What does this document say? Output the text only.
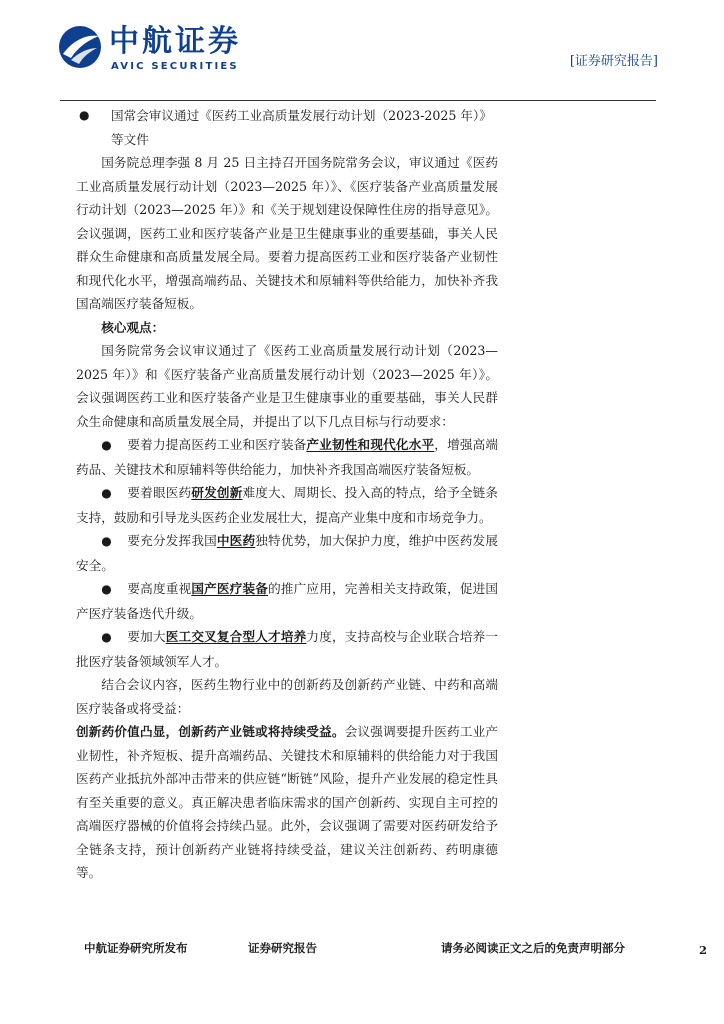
中航证券
AVIC SECURITIES	[证券研究报告]

●	国常会审议通过《医药工业高质量发展行动计划（2023-2025 年）》
等文件

国务院总理李强 8 月 25 日主持召开国务院常务会议，审议通过《医药工业高质量发展行动计划（2023—2025 年）》、《医疗装备产业高质量发展行动计划（2023—2025 年）》和《关于规划建设保障性住房的指导意见》。会议强调，医药工业和医疗装备产业是卫生健康事业的重要基础，事关人民群众生命健康和高质量发展全局。要着力提高医药工业和医疗装备产业韧性和现代化水平，增强高端药品、关键技术和原辅料等供给能力，加快补齐我国高端医疗装备短板。

核心观点：

国务院常务会议审议通过了《医药工业高质量发展行动计划（2023—2025 年）》和《医疗装备产业高质量发展行动计划（2023—2025 年）》。会议强调医药工业和医疗装备产业是卫生健康事业的重要基础，事关人民群众生命健康和高质量发展全局，并提出了以下几点目标与行动要求：

● 要着力提高医药工业和医疗装备产业韧性和现代化水平，增强高端药品、关键技术和原辅料等供给能力，加快补齐我国高端医疗装备短板。

● 要着眼医药研发创新难度大、周期长、投入高的特点，给予全链条支持，鼓励和引导龙头医药企业发展壮大，提高产业集中度和市场竞争力。

● 要充分发挥我国中医药独特优势，加大保护力度，维护中医药发展安全。

● 要高度重视国产医疗装备的推广应用，完善相关支持政策，促进国产医疗装备迭代升级。

● 要加大医工交叉复合型人才培养力度，支持高校与企业联合培养一批医疗装备领域领军人才。

结合会议内容，医药生物行业中的创新药及创新药产业链、中药和高端医疗装备或将受益：

创新药价值凸显，创新药产业链或将持续受益。会议强调要提升医药工业产业韧性，补齐短板、提升高端药品、关键技术和原辅料的供给能力对于我国医药产业抵抗外部冲击带来的供应链“断链”风险，提升产业发展的稳定性具有至关重要的意义。真正解决患者临床需求的国产创新药、实现自主可控的高端医疗器械的价值将会持续凸显。此外，会议强调了需要对医药研发给予全链条支持，预计创新药产业链将持续受益，建议关注创新药、药明康德等。

中航证券研究所发布	证券研究报告	请务必阅读正文之后的免责声明部分	2
